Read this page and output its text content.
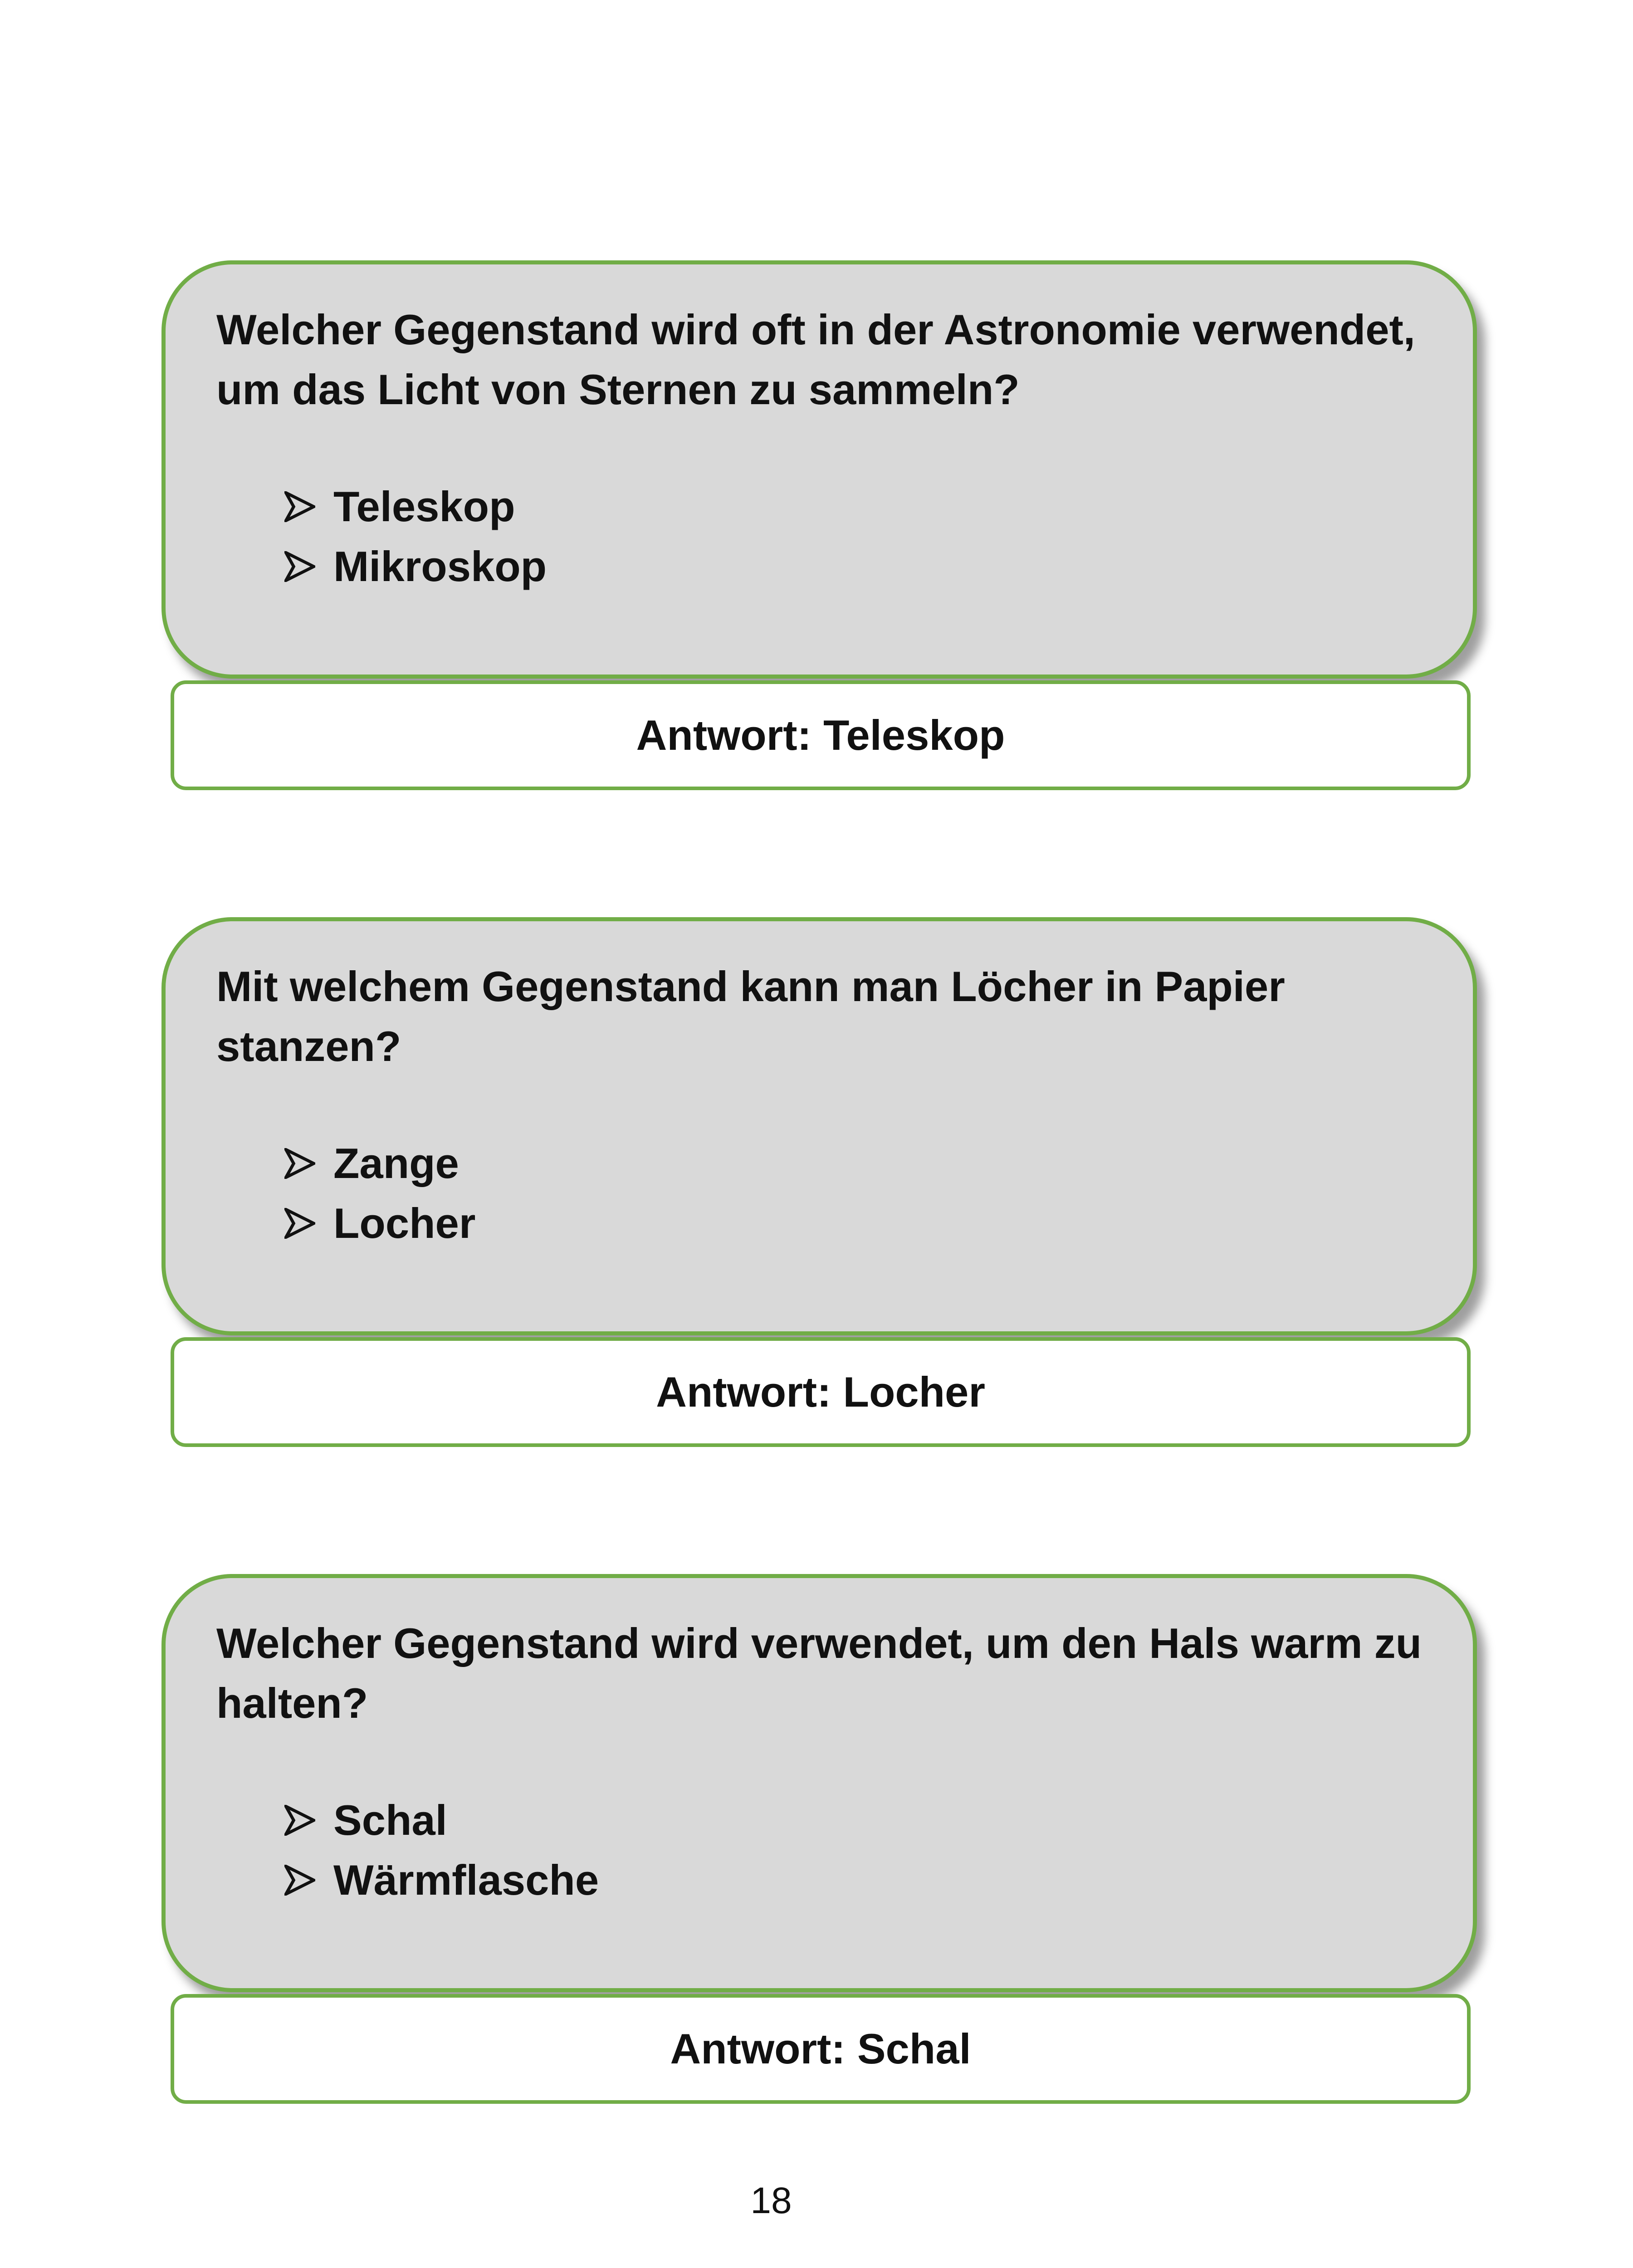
Welcher Gegenstand wird oft in der Astronomie verwendet, um das Licht von Sternen zu sammeln?

Teleskop
Mikroskop
Antwort: Teleskop

Mit welchem Gegenstand kann man Löcher in Papier stanzen?

Zange
Locher
Antwort: Locher

Welcher Gegenstand wird verwendet, um den Hals warm zu halten?

Schal
Wärmflasche
Antwort: Schal
18
